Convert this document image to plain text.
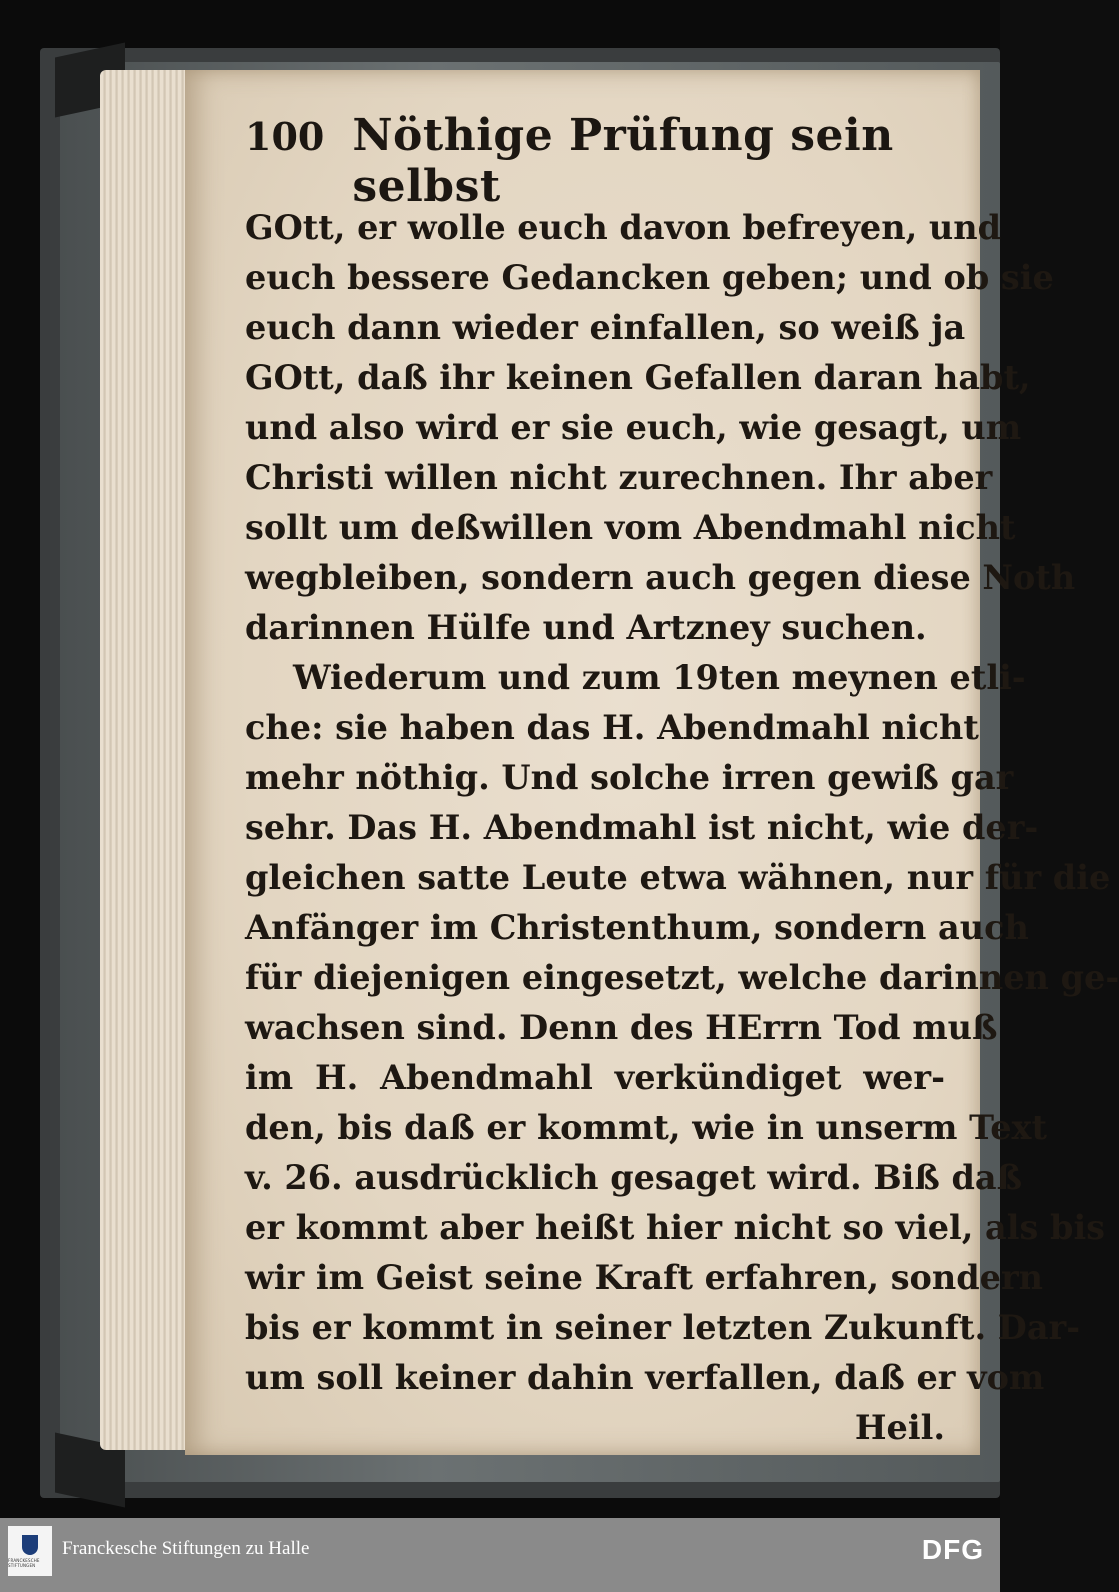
100 Nöthige Prüfung sein selbst
GOtt, er wolle euch davon befreyen, und
euch bessere Gedancken geben; und ob sie
euch dann wieder einfallen, so weiß ja
GOtt, daß ihr keinen Gefallen daran habt,
und also wird er sie euch, wie gesagt, um
Christi willen nicht zurechnen. Ihr aber
sollt um deßwillen vom Abendmahl nicht
wegbleiben, sondern auch gegen diese Noth
darinnen Hülfe und Artzney suchen.
Wiederum und zum 19ten meynen etli-
che: sie haben das H. Abendmahl nicht
mehr nöthig. Und solche irren gewiß gar
sehr. Das H. Abendmahl ist nicht, wie der-
gleichen satte Leute etwa wähnen, nur für die
Anfänger im Christenthum, sondern auch
für diejenigen eingesetzt, welche darinnen ge-
wachsen sind. Denn des HErrn Tod muß
im H. Abendmahl verkündiget wer-
den, bis daß er kommt, wie in unserm Text
v. 26. ausdrücklich gesaget wird. Biß daß
er kommt aber heißt hier nicht so viel, als bis
wir im Geist seine Kraft erfahren, sondern
bis er kommt in seiner letzten Zukunft. Dar-
um soll keiner dahin verfallen, daß er vom
Heil.
FRANCKESCHE STIFTUNGEN
Franckesche Stiftungen zu Halle	DFG
